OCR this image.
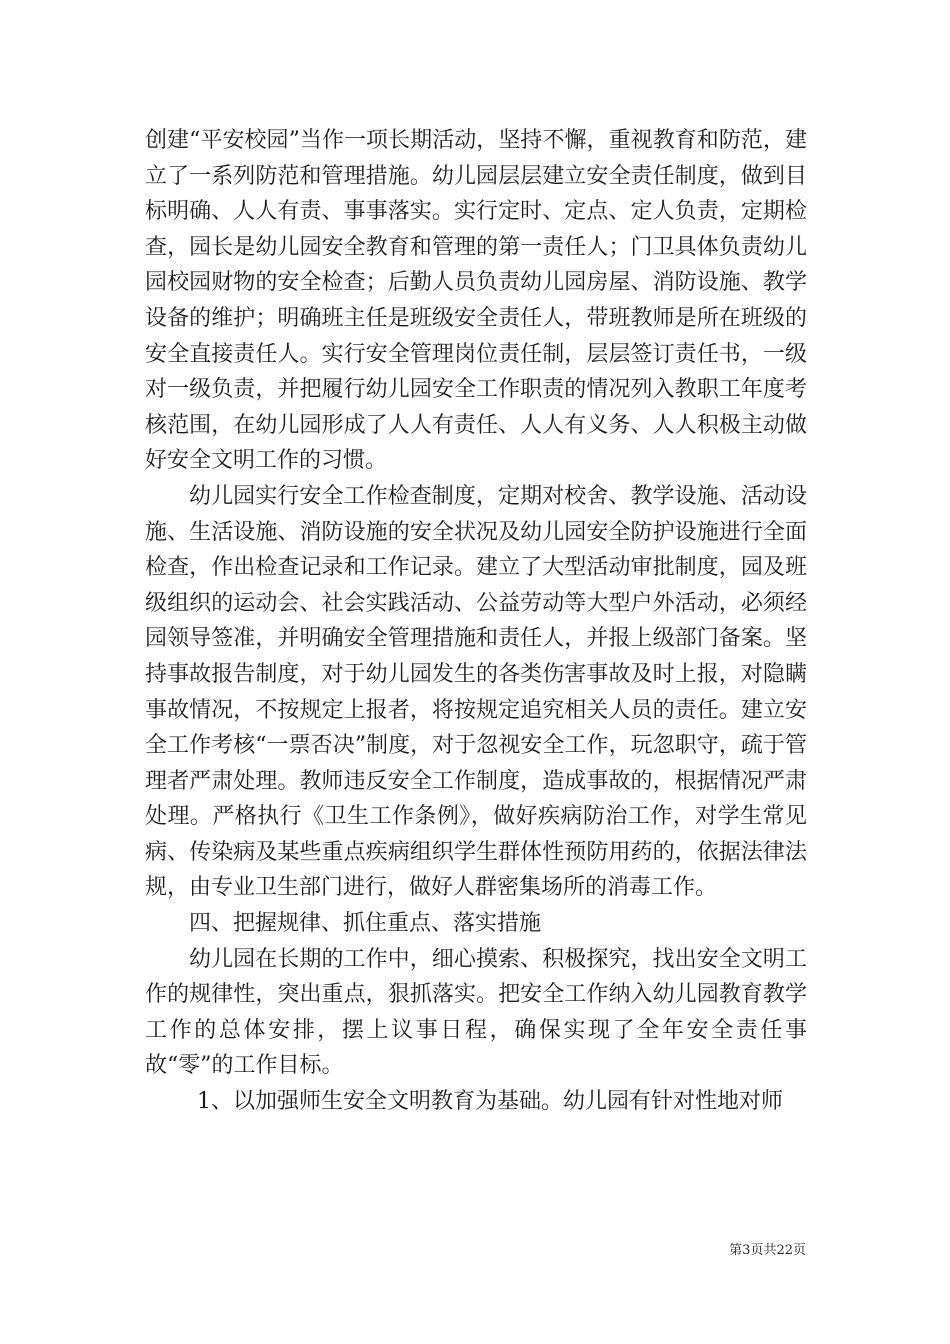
创建“平安校园”当作一项长期活动，坚持不懈，重视教育和防范，建立了一系列防范和管理措施。幼儿园层层建立安全责任制度，做到目标明确、人人有责、事事落实。实行定时、定点、定人负责，定期检查，园长是幼儿园安全教育和管理的第一责任人；门卫具体负责幼儿园校园财物的安全检查；后勤人员负责幼儿园房屋、消防设施、教学设备的维护；明确班主任是班级安全责任人，带班教师是所在班级的安全直接责任人。实行安全管理岗位责任制，层层签订责任书，一级对一级负责，并把履行幼儿园安全工作职责的情况列入教职工年度考核范围，在幼儿园形成了人人有责任、人人有义务、人人积极主动做好安全文明工作的习惯。

幼儿园实行安全工作检查制度，定期对校舍、教学设施、活动设施、生活设施、消防设施的安全状况及幼儿园安全防护设施进行全面检查，作出检查记录和工作记录。建立了大型活动审批制度，园及班级组织的运动会、社会实践活动、公益劳动等大型户外活动，必须经园领导签准，并明确安全管理措施和责任人，并报上级部门备案。坚持事故报告制度，对于幼儿园发生的各类伤害事故及时上报，对隐瞒事故情况，不按规定上报者，将按规定追究相关人员的责任。建立安全工作考核“一票否决”制度，对于忽视安全工作，玩忽职守，疏于管理者严肃处理。教师违反安全工作制度，造成事故的，根据情况严肃处理。严格执行《卫生工作条例》，做好疾病防治工作，对学生常见病、传染病及某些重点疾病组织学生群体性预防用药的，依据法律法规，由专业卫生部门进行，做好人群密集场所的消毒工作。

四、把握规律、抓住重点、落实措施

幼儿园在长期的工作中，细心摸索、积极探究，找出安全文明工作的规律性，突出重点，狠抓落实。把安全工作纳入幼儿园教育教学工作的总体安排，摆上议事日程，确保实现了全年安全责任事故“零”的工作目标。

1、以加强师生安全文明教育为基础。幼儿园有针对性地对师

第3页共22页
